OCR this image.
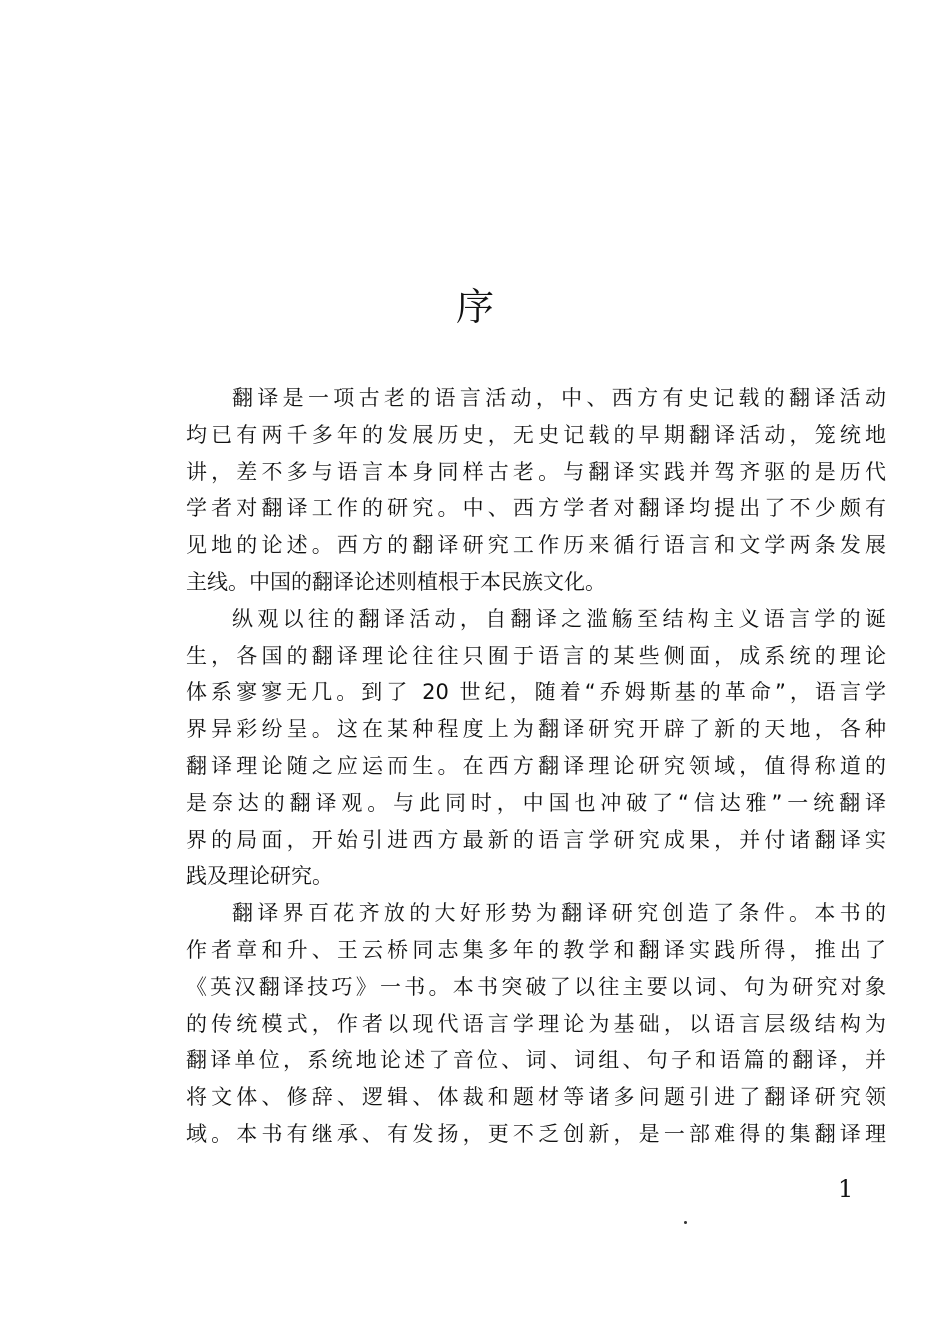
序
翻译是一项古老的语言活动，中、西方有史记载的翻译活动
均已有两千多年的发展历史，无史记载的早期翻译活动，笼统地
讲，差不多与语言本身同样古老。与翻译实践并驾齐驱的是历代
学者对翻译工作的研究。中、西方学者对翻译均提出了不少颇有
见地的论述。西方的翻译研究工作历来循行语言和文学两条发展
主线。中国的翻译论述则植根于本民族文化。
纵观以往的翻译活动，自翻译之滥觞至结构主义语言学的诞
生，各国的翻译理论往往只囿于语言的某些侧面，成系统的理论
体系寥寥无几。到了 20 世纪，随着“乔姆斯基的革命”，语言学
界异彩纷呈。这在某种程度上为翻译研究开辟了新的天地，各种
翻译理论随之应运而生。在西方翻译理论研究领域，值得称道的
是奈达的翻译观。与此同时，中国也冲破了“信达雅”一统翻译
界的局面，开始引进西方最新的语言学研究成果，并付诸翻译实
践及理论研究。
翻译界百花齐放的大好形势为翻译研究创造了条件。本书的
作者章和升、王云桥同志集多年的教学和翻译实践所得，推出了
《英汉翻译技巧》一书。本书突破了以往主要以词、句为研究对象
的传统模式，作者以现代语言学理论为基础，以语言层级结构为
翻译单位，系统地论述了音位、词、词组、句子和语篇的翻译，并
将文体、修辞、逻辑、体裁和题材等诸多问题引进了翻译研究领
域。本书有继承、有发扬，更不乏创新，是一部难得的集翻译理
1
